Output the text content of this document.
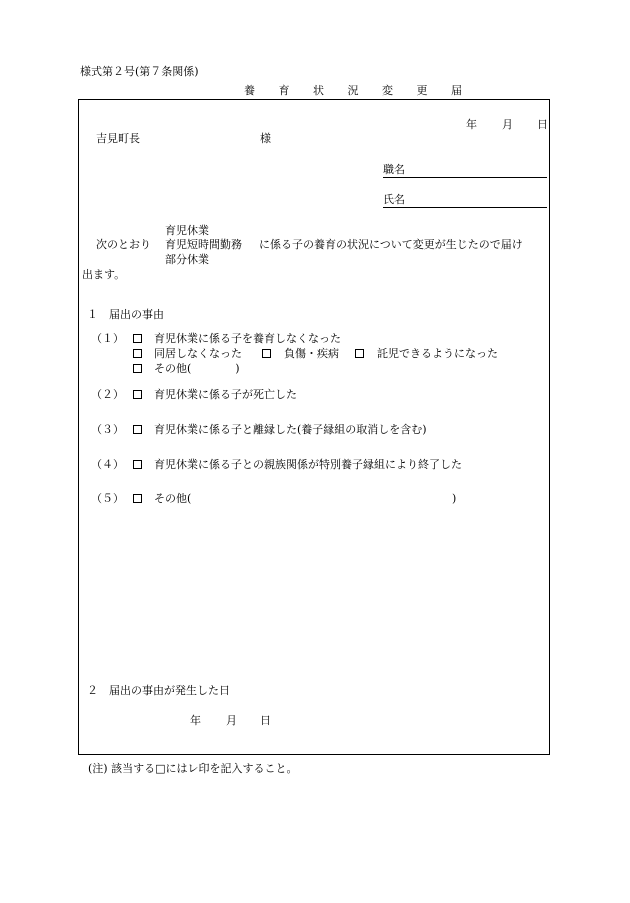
様式第２号(第７条関係)
養 育 状 況 変 更 届
年 月 日
吉見町長	様
職名
氏名
育児休業
次のとおり 育児短時間勤務 に係る子の養育の状況について変更が生じたので届け
部分休業
出ます。
１　届出の事由
（１）	育児休業に係る子を養育しなくなった
同居しなくなった	負傷・疾病	託児できるようになった
その他(　　　　)
（２）	育児休業に係る子が死亡した
（３）	育児休業に係る子と離縁した(養子縁組の取消しを含む)
（４）	育児休業に係る子との親族関係が特別養子縁組により終了した
（５）	その他(	)
２　届出の事由が発生した日
年 月 日
(注) 該当する□にはレ印を記入すること。
